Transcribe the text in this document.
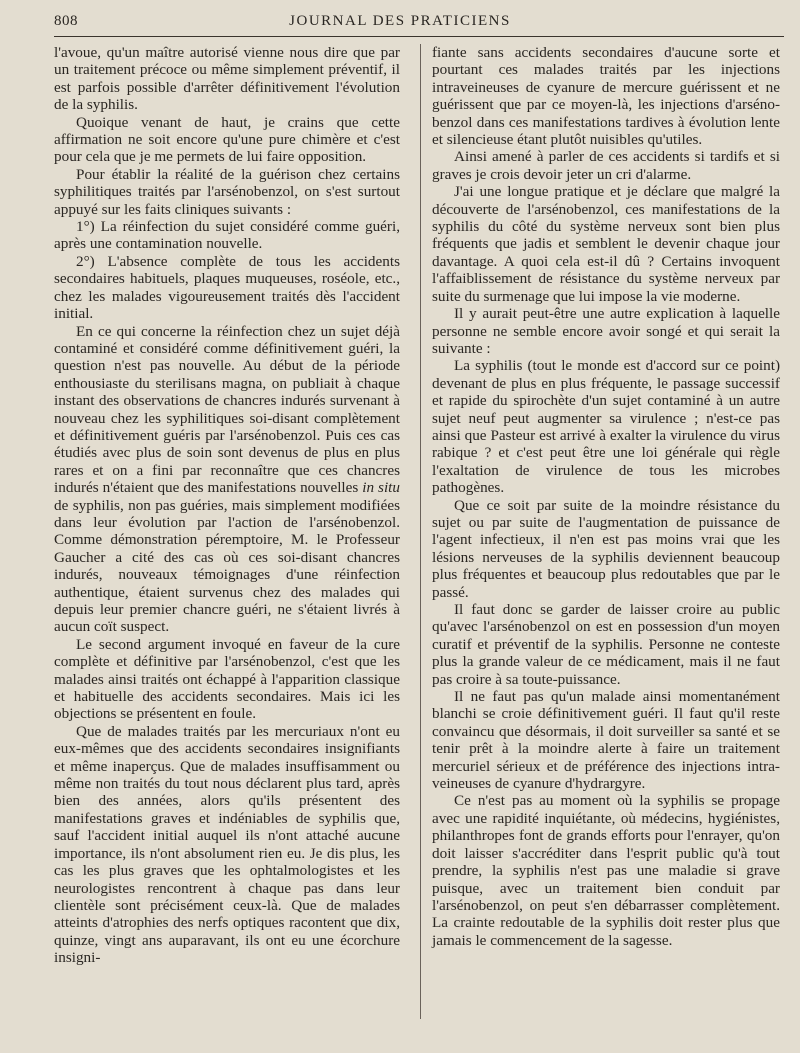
808	JOURNAL DES PRATICIENS

l'avoue, qu'un maître autorisé vienne nous dire que par un traitement précoce ou même simplement préventif, il est parfois possible d'arrêter définitivement l'évolution de la syphilis.

Quoique venant de haut, je crains que cette affirmation ne soit encore qu'une pure chimère et c'est pour cela que je me permets de lui faire opposition.

Pour établir la réalité de la guérison chez certains syphilitiques traités par l'arsénobenzol, on s'est surtout appuyé sur les faits cliniques suivants :

1°) La réinfection du sujet considéré comme guéri, après une contamination nouvelle.

2°) L'absence complète de tous les accidents secondaires habituels, plaques muqueuses, roséole, etc., chez les malades vigoureusement traités dès l'accident initial.

En ce qui concerne la réinfection chez un sujet déjà contaminé et considéré comme définitivement guéri, la question n'est pas nouvelle. Au début de la période enthousiaste du sterilisans magna, on publiait à chaque instant des observations de chancres indurés survenant à nouveau chez les syphilitiques soi-disant complètement et définitivement guéris par l'arsénobenzol. Puis ces cas étudiés avec plus de soin sont devenus de plus en plus rares et on a fini par reconnaître que ces chancres indurés n'étaient que des manifestations nouvelles in situ de syphilis, non pas guéries, mais simplement modifiées dans leur évolution par l'action de l'arsénobenzol. Comme démonstration péremptoire, M. le Professeur Gaucher a cité des cas où ces soi-disant chancres indurés, nouveaux témoignages d'une réinfection authentique, étaient survenus chez des malades qui depuis leur premier chancre guéri, ne s'étaient livrés à aucun coït suspect.

Le second argument invoqué en faveur de la cure complète et définitive par l'arsénobenzol, c'est que les malades ainsi traités ont échappé à l'apparition classique et habituelle des accidents secondaires. Mais ici les objections se présentent en foule.

Que de malades traités par les mercuriaux n'ont eu eux-mêmes que des accidents secondaires insignifiants et même inaperçus. Que de malades insuffisamment ou même non traités du tout nous déclarent plus tard, après bien des années, alors qu'ils présentent des manifestations graves et indéniables de syphilis que, sauf l'accident initial auquel ils n'ont attaché aucune importance, ils n'ont absolument rien eu. Je dis plus, les cas les plus graves que les ophtalmologistes et les neurologistes rencontrent à chaque pas dans leur clientèle sont précisément ceux-là. Que de malades atteints d'atrophies des nerfs optiques racontent que dix, quinze, vingt ans auparavant, ils ont eu une écorchure insigni-

fiante sans accidents secondaires d'aucune sorte et pourtant ces malades traités par les injections intraveineuses de cyanure de mercure guérissent et ne guérissent que par ce moyen-là, les injections d'arséno-benzol dans ces manifestations tardives à évolution lente et silencieuse étant plutôt nuisibles qu'utiles.

Ainsi amené à parler de ces accidents si tardifs et si graves je crois devoir jeter un cri d'alarme.

J'ai une longue pratique et je déclare que malgré la découverte de l'arsénobenzol, ces manifestations de la syphilis du côté du système nerveux sont bien plus fréquents que jadis et semblent le devenir chaque jour davantage. A quoi cela est-il dû ? Certains invoquent l'affaiblissement de résistance du système nerveux par suite du surmenage que lui impose la vie moderne.

Il y aurait peut-être une autre explication à laquelle personne ne semble encore avoir songé et qui serait la suivante :

La syphilis (tout le monde est d'accord sur ce point) devenant de plus en plus fréquente, le passage successif et rapide du spirochète d'un sujet contaminé à un autre sujet neuf peut augmenter sa virulence ; n'est-ce pas ainsi que Pasteur est arrivé à exalter la virulence du virus rabique ? et c'est peut être une loi générale qui règle l'exaltation de virulence de tous les microbes pathogènes.

Que ce soit par suite de la moindre résistance du sujet ou par suite de l'augmentation de puissance de l'agent infectieux, il n'en est pas moins vrai que les lésions nerveuses de la syphilis deviennent beaucoup plus fréquentes et beaucoup plus redoutables que par le passé.

Il faut donc se garder de laisser croire au public qu'avec l'arsénobenzol on est en possession d'un moyen curatif et préventif de la syphilis. Personne ne conteste plus la grande valeur de ce médicament, mais il ne faut pas croire à sa toute-puissance.

Il ne faut pas qu'un malade ainsi momentanément blanchi se croie définitivement guéri. Il faut qu'il reste convaincu que désormais, il doit surveiller sa santé et se tenir prêt à la moindre alerte à faire un traitement mercuriel sérieux et de préférence des injections intra-veineuses de cyanure d'hydrargyre.

Ce n'est pas au moment où la syphilis se propage avec une rapidité inquiétante, où médecins, hygiénistes, philanthropes font de grands efforts pour l'enrayer, qu'on doit laisser s'accréditer dans l'esprit public qu'à tout prendre, la syphilis n'est pas une maladie si grave puisque, avec un traitement bien conduit par l'arsénobenzol, on peut s'en débarrasser complètement. La crainte redoutable de la syphilis doit rester plus que jamais le commencement de la sagesse.
